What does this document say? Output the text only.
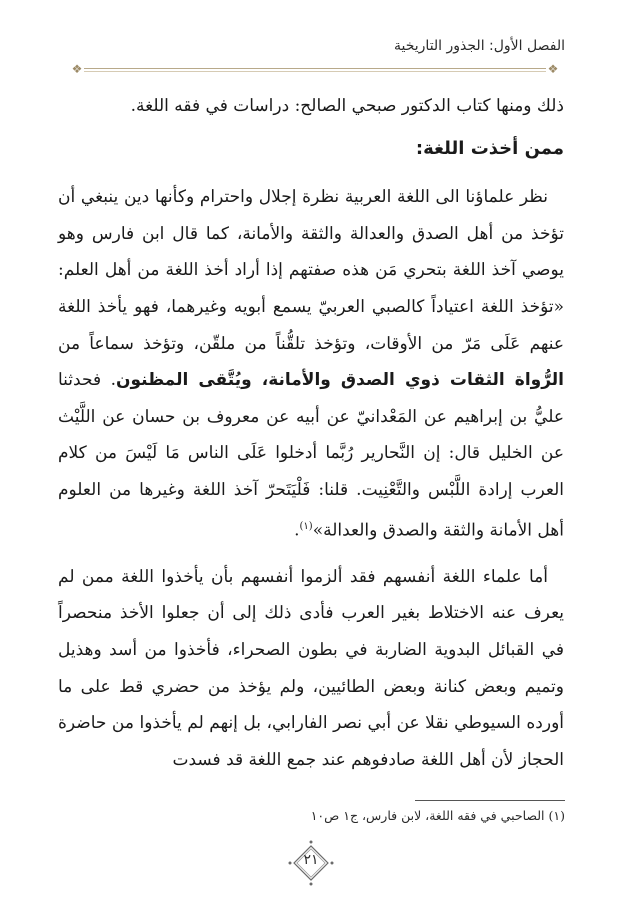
الفصل الأول: الجذور التاريخية
❖	❖

ذلك ومنها كتاب الدكتور صبحي الصالح: دراسات في فقه اللغة.

ممن أخذت اللغة:

نظر علماؤنا الى اللغة العربية نظرة إجلال واحترام وكأنها دين ينبغي أن تؤخذ من أهل الصدق والعدالة والثقة والأمانة، كما قال ابن فارس وهو يوصي آخذ اللغة بتحري مَن هذه صفتهم إذا أراد أخذ اللغة من أهل العلم: «تؤخذ اللغة اعتياداً كالصبي العربيّ يسمع أبويه وغيرهما، فهو يأخذ اللغة عنهم عَلَى مَرّ من الأوقات، وتؤخذ تلقُّناً من ملقّن، وتؤخذ سماعاً من الرُّواة الثقات ذوي الصدق والأمانة، ويُتَّقى المظنون. فحدثنا عليُّ بن إبراهيم عن المَعْدانيّ عن أبيه عن معروف بن حسان عن اللَّيْث عن الخليل قال: إن النَّحارير رُبَّما أدخلوا عَلَى الناس مَا لَيْسَ من كلام العرب إرادة اللَّبْس والتَّعْنِيت. قلنا: فَلْيَتَحرّ آخذ اللغة وغيرها من العلوم أهل الأمانة والثقة والصدق والعدالة»$^{(١)}$.

أما علماء اللغة أنفسهم فقد ألزموا أنفسهم بأن يأخذوا اللغة ممن لم يعرف عنه الاختلاط بغير العرب فأدى ذلك إلى أن جعلوا الأخذ منحصراً في القبائل البدوية الضاربة في بطون الصحراء، فأخذوا من أسد وهذيل وتميم وبعض كنانة وبعض الطائيين، ولم يؤخذ من حضري قط على ما أورده السيوطي نقلا عن أبي نصر الفارابي، بل إنهم لم يأخذوا من حاضرة الحجاز لأن أهل اللغة صادفوهم عند جمع اللغة قد فسدت

(١) الصاحبي في فقه اللغة، لابن فارس، ج١ ص١٠
٢١
